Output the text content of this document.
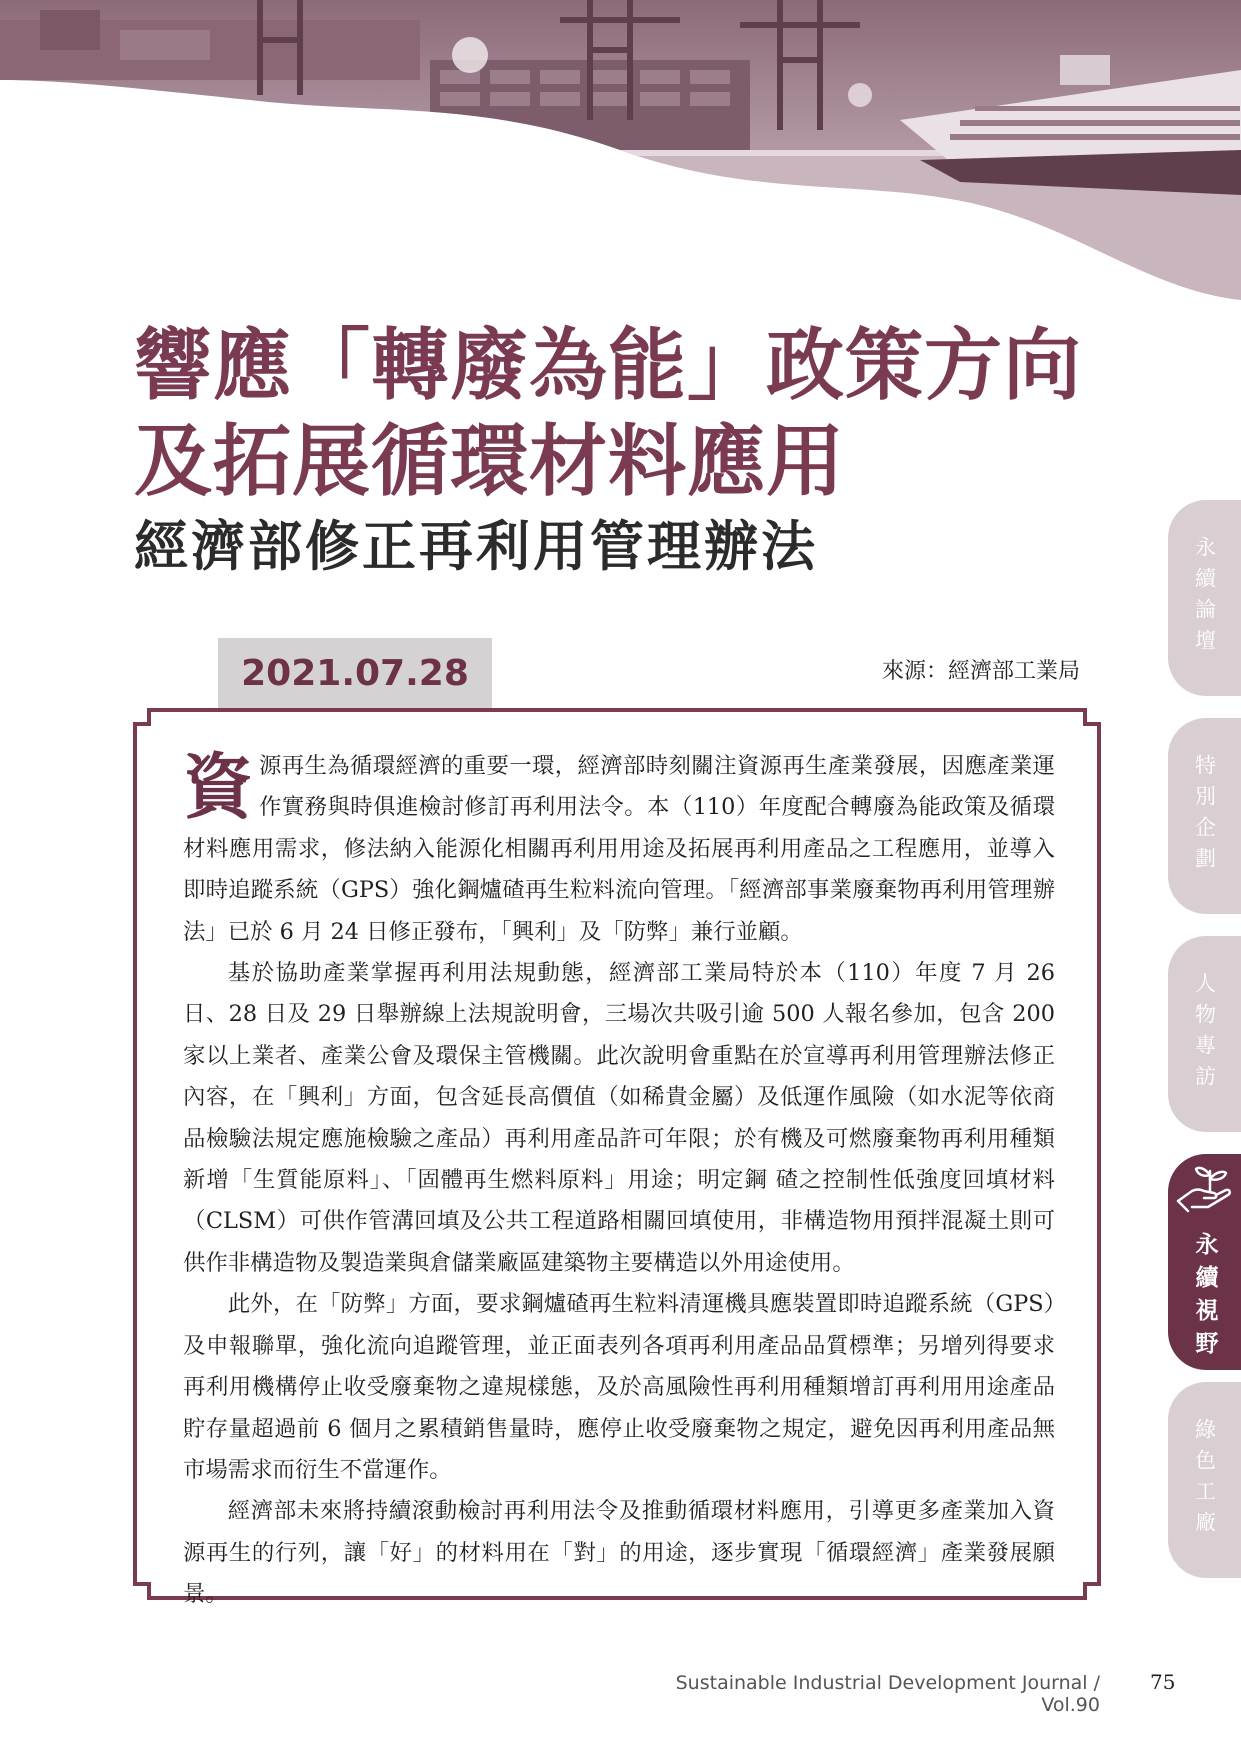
響應「轉廢為能」政策方向
及拓展循環材料應用
經濟部修正再利用管理辦法
2021.07.28	來源：經濟部工業局

資源再生為循環經濟的重要一環，經濟部時刻關注資源再生產業發展，因應產業運作實務與時俱進檢討修訂再利用法令。本（110）年度配合轉廢為能政策及循環材料應用需求，修法納入能源化相關再利用用途及拓展再利用產品之工程應用，並導入即時追蹤系統（GPS）強化鋼爐碴再生粒料流向管理。「經濟部事業廢棄物再利用管理辦法」已於 6 月 24 日修正發布，「興利」及「防弊」兼行並顧。

基於協助產業掌握再利用法規動態，經濟部工業局特於本（110）年度 7 月 26 日、28 日及 29 日舉辦線上法規說明會，三場次共吸引逾 500 人報名參加，包含 200 家以上業者、產業公會及環保主管機關。此次說明會重點在於宣導再利用管理辦法修正內容，在「興利」方面，包含延長高價值（如稀貴金屬）及低運作風險（如水泥等依商品檢驗法規定應施檢驗之產品）再利用產品許可年限；於有機及可燃廢棄物再利用種類新增「生質能原料」、「固體再生燃料原料」用途；明定鋼 碴之控制性低強度回填材料（CLSM）可供作管溝回填及公共工程道路相關回填使用，非構造物用預拌混凝土則可供作非構造物及製造業與倉儲業廠區建築物主要構造以外用途使用。

此外，在「防弊」方面，要求鋼爐碴再生粒料清運機具應裝置即時追蹤系統（GPS）及申報聯單，強化流向追蹤管理，並正面表列各項再利用產品品質標準；另增列得要求再利用機構停止收受廢棄物之違規樣態，及於高風險性再利用種類增訂再利用用途產品貯存量超過前 6 個月之累積銷售量時，應停止收受廢棄物之規定，避免因再利用產品無市場需求而衍生不當運作。

經濟部未來將持續滾動檢討再利用法令及推動循環材料應用，引導更多產業加入資源再生的行列，讓「好」的材料用在「對」的用途，逐步實現「循環經濟」產業發展願景。

永續論壇
特別企劃
人物專訪
永續視野
綠色工廠
Sustainable Industrial Development Journal / Vol.90
75
